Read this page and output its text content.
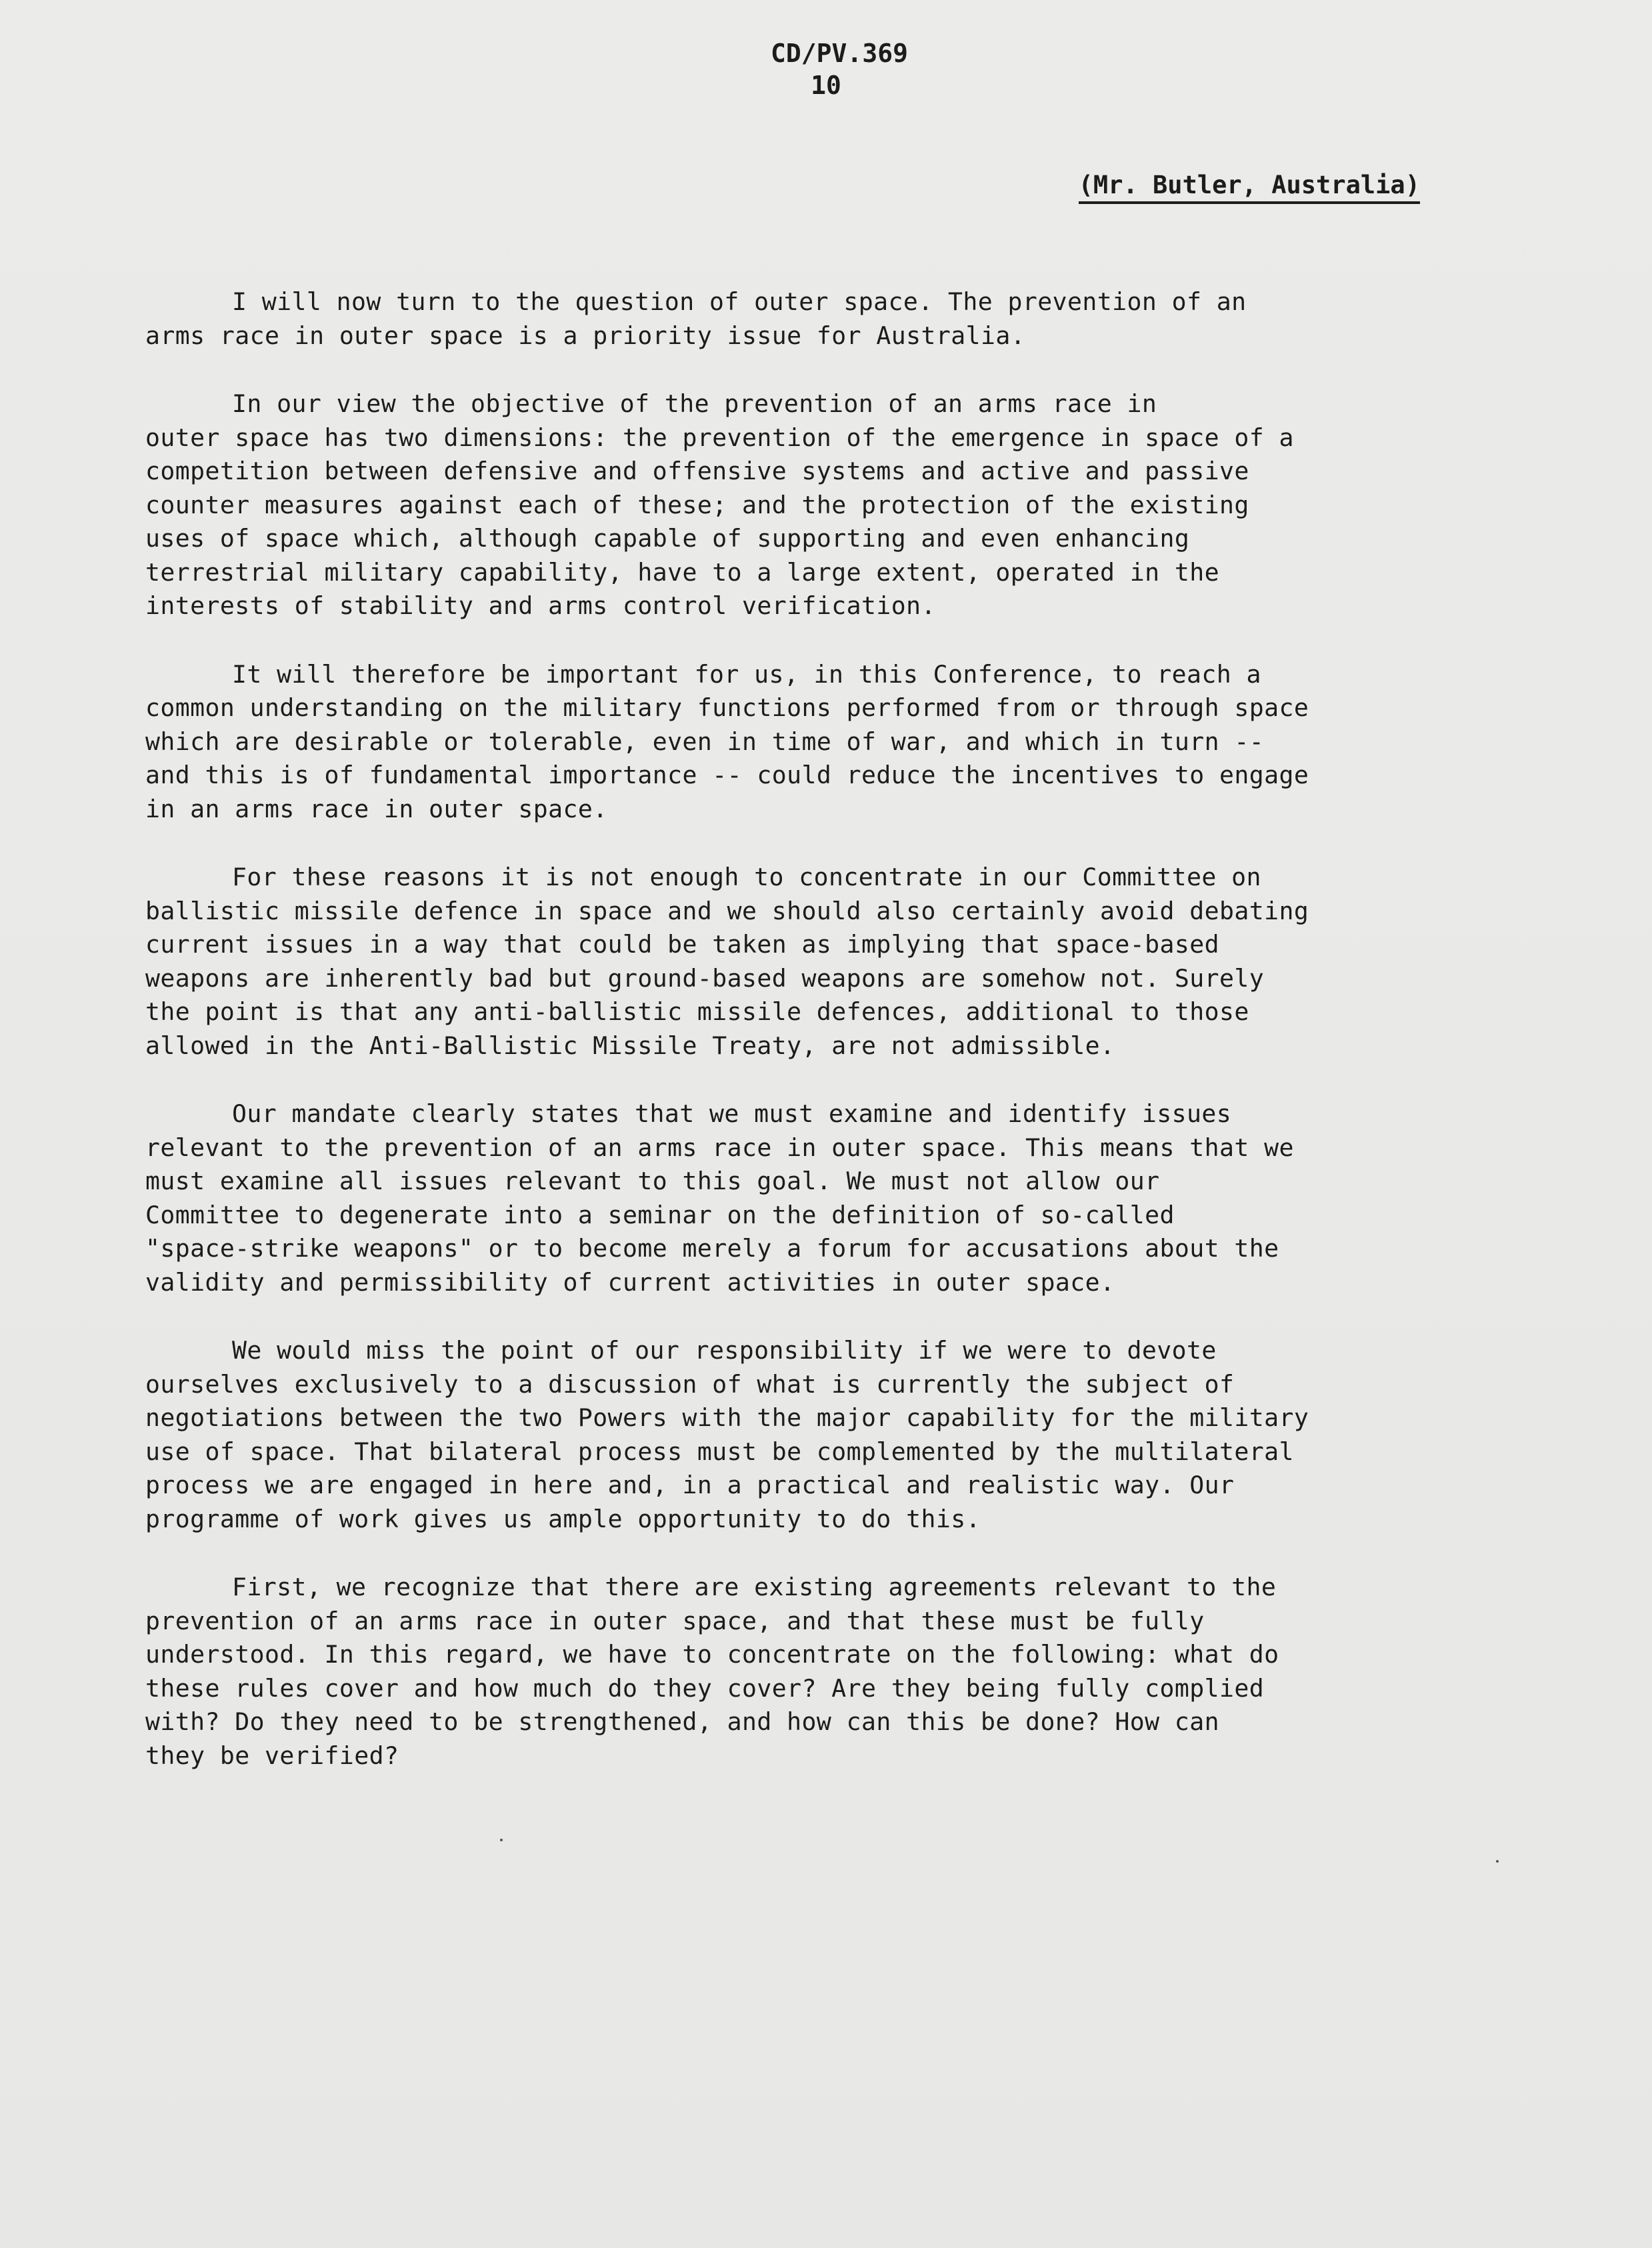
CD/PV.369
10
(Mr. Butler, Australia)

I will now turn to the question of outer space. The prevention of an
arms race in outer space is a priority issue for Australia.

In our view the objective of the prevention of an arms race in
outer space has two dimensions: the prevention of the emergence in space of a
competition between defensive and offensive systems and active and passive
counter measures against each of these; and the protection of the existing
uses of space which, although capable of supporting and even enhancing
terrestrial military capability, have to a large extent, operated in the
interests of stability and arms control verification.

It will therefore be important for us, in this Conference, to reach a
common understanding on the military functions performed from or through space
which are desirable or tolerable, even in time of war, and which in turn --
and this is of fundamental importance -- could reduce the incentives to engage
in an arms race in outer space.

For these reasons it is not enough to concentrate in our Committee on
ballistic missile defence in space and we should also certainly avoid debating
current issues in a way that could be taken as implying that space-based
weapons are inherently bad but ground-based weapons are somehow not. Surely
the point is that any anti-ballistic missile defences, additional to those
allowed in the Anti-Ballistic Missile Treaty, are not admissible.

Our mandate clearly states that we must examine and identify issues
relevant to the prevention of an arms race in outer space. This means that we
must examine all issues relevant to this goal. We must not allow our
Committee to degenerate into a seminar on the definition of so-called
"space-strike weapons" or to become merely a forum for accusations about the
validity and permissibility of current activities in outer space.

We would miss the point of our responsibility if we were to devote
ourselves exclusively to a discussion of what is currently the subject of
negotiations between the two Powers with the major capability for the military
use of space. That bilateral process must be complemented by the multilateral
process we are engaged in here and, in a practical and realistic way. Our
programme of work gives us ample opportunity to do this.

First, we recognize that there are existing agreements relevant to the
prevention of an arms race in outer space, and that these must be fully
understood. In this regard, we have to concentrate on the following: what do
these rules cover and how much do they cover? Are they being fully complied
with? Do they need to be strengthened, and how can this be done? How can
they be verified?
